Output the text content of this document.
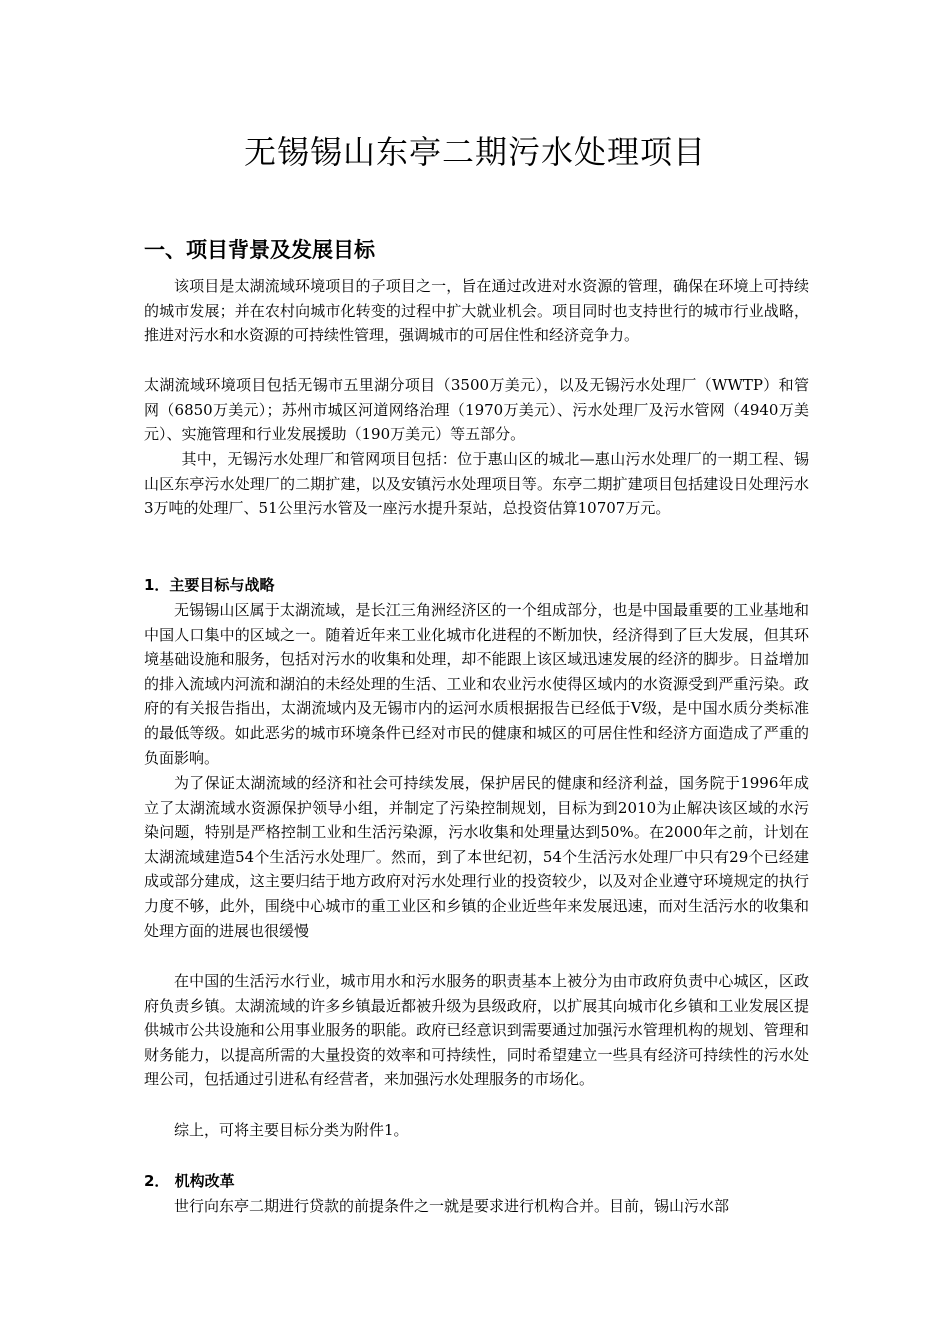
无锡锡山东亭二期污水处理项目
一、项目背景及发展目标

该项目是太湖流域环境项目的子项目之一，旨在通过改进对水资源的管理，确保在环境上可持续的城市发展；并在农村向城市化转变的过程中扩大就业机会。项目同时也支持世行的城市行业战略，推进对污水和水资源的可持续性管理，强调城市的可居住性和经济竞争力。

太湖流域环境项目包括无锡市五里湖分项目（3500万美元），以及无锡污水处理厂（WWTP）和管网（6850万美元）；苏州市城区河道网络治理（1970万美元）、污水处理厂及污水管网（4940万美元）、实施管理和行业发展援助（190万美元）等五部分。

其中，无锡污水处理厂和管网项目包括：位于惠山区的城北—惠山污水处理厂的一期工程、锡山区东亭污水处理厂的二期扩建，以及安镇污水处理项目等。东亭二期扩建项目包括建设日处理污水3万吨的处理厂、51公里污水管及一座污水提升泵站，总投资估算10707万元。

1．主要目标与战略

无锡锡山区属于太湖流域，是长江三角洲经济区的一个组成部分，也是中国最重要的工业基地和中国人口集中的区域之一。随着近年来工业化城市化进程的不断加快，经济得到了巨大发展，但其环境基础设施和服务，包括对污水的收集和处理，却不能跟上该区域迅速发展的经济的脚步。日益增加的排入流域内河流和湖泊的未经处理的生活、工业和农业污水使得区域内的水资源受到严重污染。政府的有关报告指出，太湖流域内及无锡市内的运河水质根据报告已经低于V级，是中国水质分类标准的最低等级。如此恶劣的城市环境条件已经对市民的健康和城区的可居住性和经济方面造成了严重的负面影响。

为了保证太湖流域的经济和社会可持续发展，保护居民的健康和经济利益，国务院于1996年成立了太湖流域水资源保护领导小组，并制定了污染控制规划，目标为到2010为止解决该区域的水污染问题，特别是严格控制工业和生活污染源，污水收集和处理量达到50%。在2000年之前，计划在太湖流域建造54个生活污水处理厂。然而，到了本世纪初，54个生活污水处理厂中只有29个已经建成或部分建成，这主要归结于地方政府对污水处理行业的投资较少，以及对企业遵守环境规定的执行力度不够，此外，围绕中心城市的重工业区和乡镇的企业近些年来发展迅速，而对生活污水的收集和处理方面的进展也很缓慢

在中国的生活污水行业，城市用水和污水服务的职责基本上被分为由市政府负责中心城区，区政府负责乡镇。太湖流域的许多乡镇最近都被升级为县级政府，以扩展其向城市化乡镇和工业发展区提供城市公共设施和公用事业服务的职能。政府已经意识到需要通过加强污水管理机构的规划、管理和财务能力，以提高所需的大量投资的效率和可持续性，同时希望建立一些具有经济可持续性的污水处理公司，包括通过引进私有经营者，来加强污水处理服务的市场化。

综上，可将主要目标分类为附件1。

2． 机构改革

世行向东亭二期进行贷款的前提条件之一就是要求进行机构合并。目前，锡山污水部
